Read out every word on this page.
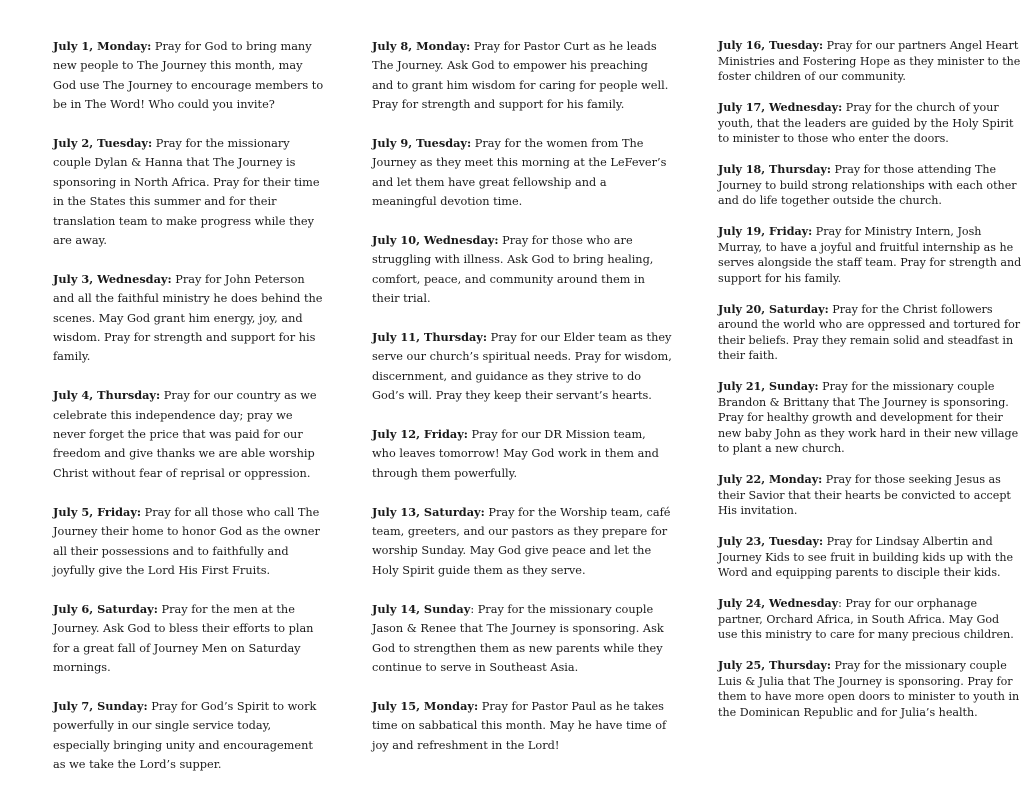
July 1, Monday: Pray for God to bring many new people to The Journey this month, may God use The Journey to encourage members to be in The Word! Who could you invite?

July 2, Tuesday: Pray for the missionary couple Dylan & Hanna that The Journey is sponsoring in North Africa. Pray for their time in the States this summer and for their translation team to make progress while they are away.

July 3, Wednesday: Pray for John Peterson and all the faithful ministry he does behind the scenes. May God grant him energy, joy, and wisdom. Pray for strength and support for his family.

July 4, Thursday: Pray for our country as we celebrate this independence day; pray we never forget the price that was paid for our freedom and give thanks we are able worship Christ without fear of reprisal or oppression.

July 5, Friday: Pray for all those who call The Journey their home to honor God as the owner all their possessions and to faithfully and joyfully give the Lord His First Fruits.

July 6, Saturday: Pray for the men at the Journey. Ask God to bless their efforts to plan for a great fall of Journey Men on Saturday mornings.

July 7, Sunday: Pray for God’s Spirit to work powerfully in our single service today, especially bringing unity and encouragement as we take the Lord’s supper.

July 8, Monday: Pray for Pastor Curt as he leads The Journey. Ask God to empower his preaching and to grant him wisdom for caring for people well. Pray for strength and support for his family.

July 9, Tuesday: Pray for the women from The Journey as they meet this morning at the LeFever’s and let them have great fellowship and a meaningful devotion time.

July 10, Wednesday: Pray for those who are struggling with illness. Ask God to bring healing, comfort, peace, and community around them in their trial.

July 11, Thursday: Pray for our Elder team as they serve our church’s spiritual needs. Pray for wisdom, discernment, and guidance as they strive to do God’s will. Pray they keep their servant’s hearts.

July 12, Friday: Pray for our DR Mission team, who leaves tomorrow! May God work in them and through them powerfully.

July 13, Saturday: Pray for the Worship team, café team, greeters, and our pastors as they prepare for worship Sunday. May God give peace and let the Holy Spirit guide them as they serve.

July 14, Sunday: Pray for the missionary couple Jason & Renee that The Journey is sponsoring. Ask God to strengthen them as new parents while they continue to serve in Southeast Asia.

July 15, Monday: Pray for Pastor Paul as he takes time on sabbatical this month. May he have time of joy and refreshment in the Lord!

July 16, Tuesday: Pray for our partners Angel Heart Ministries and Fostering Hope as they minister to the foster children of our community.

July 17, Wednesday: Pray for the church of your youth, that the leaders are guided by the Holy Spirit to minister to those who enter the doors.

July 18, Thursday: Pray for those attending The Journey to build strong relationships with each other and do life together outside the church.

July 19, Friday: Pray for Ministry Intern, Josh Murray, to have a joyful and fruitful internship as he serves alongside the staff team. Pray for strength and support for his family.

July 20, Saturday: Pray for the Christ followers around the world who are oppressed and tortured for their beliefs. Pray they remain solid and steadfast in their faith.

July 21, Sunday: Pray for the missionary couple Brandon & Brittany that The Journey is sponsoring. Pray for healthy growth and development for their new baby John as they work hard in their new village to plant a new church.

July 22, Monday: Pray for those seeking Jesus as their Savior that their hearts be convicted to accept His invitation.

July 23, Tuesday: Pray for Lindsay Albertin and Journey Kids to see fruit in building kids up with the Word and equipping parents to disciple their kids.

July 24, Wednesday: Pray for our orphanage partner, Orchard Africa, in South Africa. May God use this ministry to care for many precious children.

July 25, Thursday: Pray for the missionary couple Luis & Julia that The Journey is sponsoring. Pray for them to have more open doors to minister to youth in the Dominican Republic and for Julia’s health.
